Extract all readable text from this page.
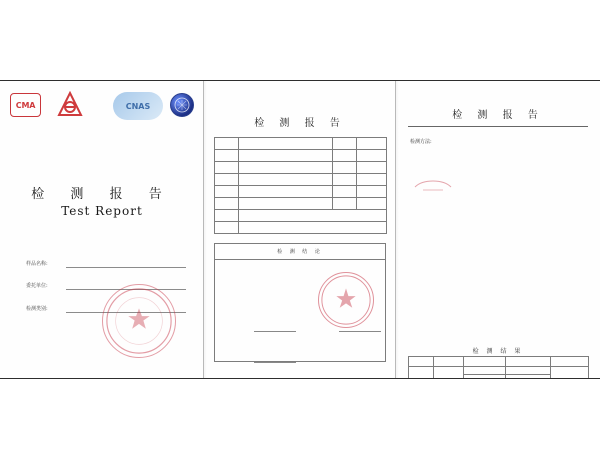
CMA	CNAS
检 测 报 告
Test Report
样品名称:
委托单位:
检测类别:
检 测 报 告

检 测 结 论
检 测 报 告
检测方法:
检 测 结 果
